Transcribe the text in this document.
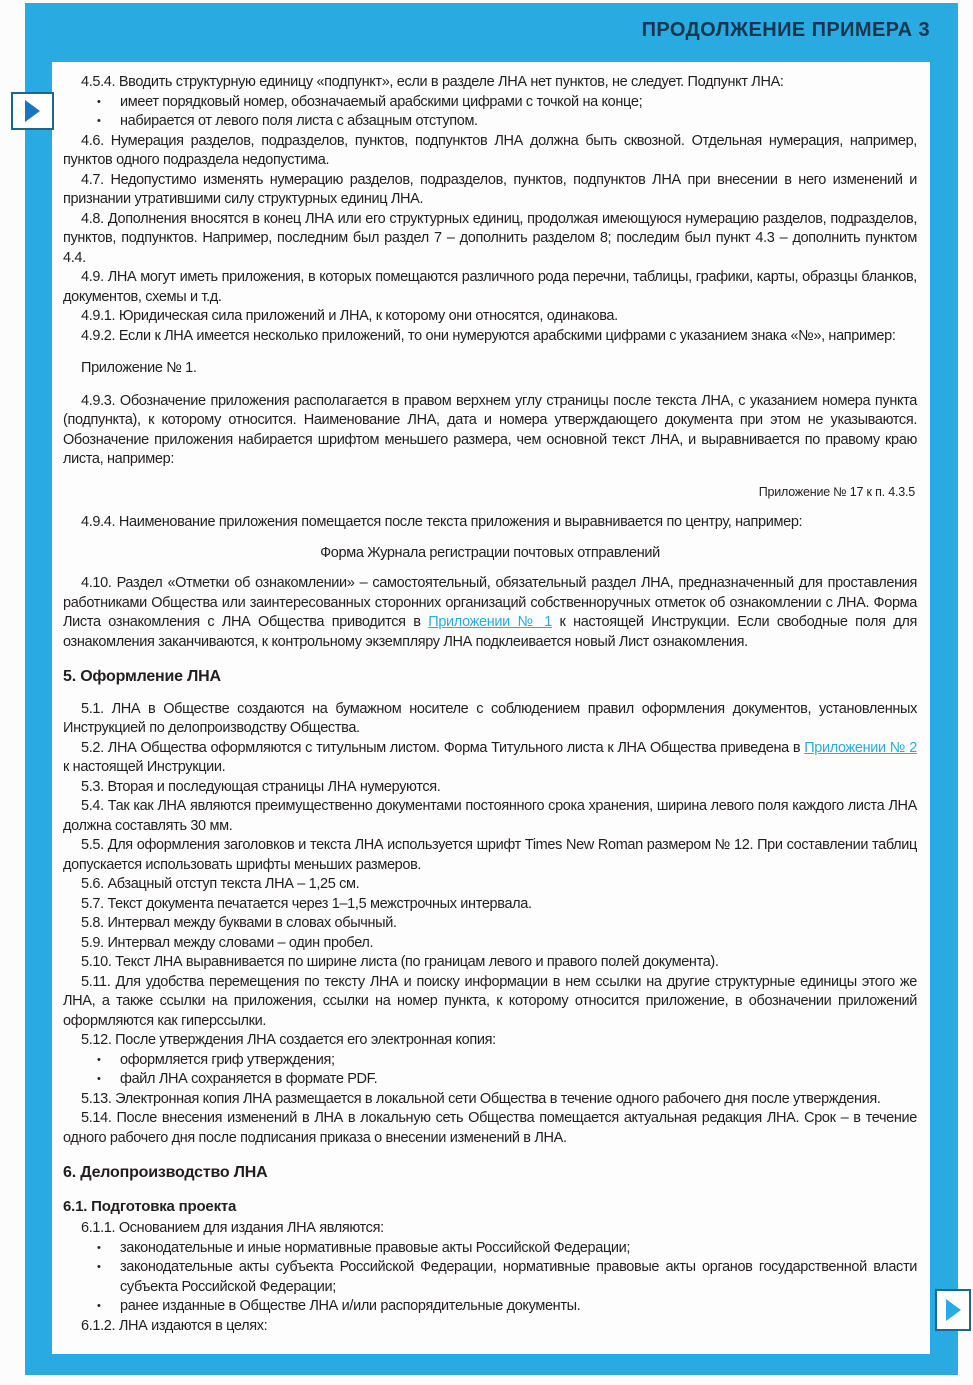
ПРОДОЛЖЕНИЕ ПРИМЕРА 3

4.5.4. Вводить структурную единицу «подпункт», если в разделе ЛНА нет пунктов, не следует. Подпункт ЛНА:

• имеет порядковый номер, обозначаемый арабскими цифрами с точкой на конце;
• набирается от левого поля листа с абзацным отступом.

4.6. Нумерация разделов, подразделов, пунктов, подпунктов ЛНА должна быть сквозной. Отдельная нумерация, например, пунктов одного подраздела недопустима.

4.7. Недопустимо изменять нумерацию разделов, подразделов, пунктов, подпунктов ЛНА при внесении в него изменений и признании утратившими силу структурных единиц ЛНА.

4.8. Дополнения вносятся в конец ЛНА или его структурных единиц, продолжая имеющуюся нумерацию разделов, подразделов, пунктов, подпунктов. Например, последним был раздел 7 – дополнить разделом 8; последим был пункт 4.3 – дополнить пунктом 4.4.

4.9. ЛНА могут иметь приложения, в которых помещаются различного рода перечни, таблицы, графики, карты, образцы бланков, документов, схемы и т.д.

4.9.1. Юридическая сила приложений и ЛНА, к которому они относятся, одинакова.

4.9.2. Если к ЛНА имеется несколько приложений, то они нумеруются арабскими цифрами с указанием знака «№», например:

Приложение № 1.

4.9.3. Обозначение приложения располагается в правом верхнем углу страницы после текста ЛНА, с указанием номера пункта (подпункта), к которому относится. Наименование ЛНА, дата и номера утверждающего документа при этом не указываются. Обозначение приложения набирается шрифтом меньшего размера, чем основной текст ЛНА, и выравнивается по правому краю листа, например:

Приложение № 17 к п. 4.3.5

4.9.4. Наименование приложения помещается после текста приложения и выравнивается по центру, например:

Форма Журнала регистрации почтовых отправлений

4.10. Раздел «Отметки об ознакомлении» – самостоятельный, обязательный раздел ЛНА, предназначенный для проставления работниками Общества или заинтересованных сторонних организаций собственноручных отметок об ознакомлении с ЛНА. Форма Листа ознакомления с ЛНА Общества приводится в Приложении № 1 к настоящей Инструкции. Если свободные поля для ознакомления заканчиваются, к контрольному экземпляру ЛНА подклеивается новый Лист ознакомления.

5. Оформление ЛНА

5.1. ЛНА в Обществе создаются на бумажном носителе с соблюдением правил оформления документов, установленных Инструкцией по делопроизводству Общества.

5.2. ЛНА Общества оформляются с титульным листом. Форма Титульного листа к ЛНА Общества приведена в Приложении № 2 к настоящей Инструкции.

5.3. Вторая и последующая страницы ЛНА нумеруются.

5.4. Так как ЛНА являются преимущественно документами постоянного срока хранения, ширина левого поля каждого листа ЛНА должна составлять 30 мм.

5.5. Для оформления заголовков и текста ЛНА используется шрифт Times New Roman размером № 12. При составлении таблиц допускается использовать шрифты меньших размеров.

5.6. Абзацный отступ текста ЛНА – 1,25 см.

5.7. Текст документа печатается через 1–1,5 межстрочных интервала.

5.8. Интервал между буквами в словах обычный.

5.9. Интервал между словами – один пробел.

5.10. Текст ЛНА выравнивается по ширине листа (по границам левого и правого полей документа).

5.11. Для удобства перемещения по тексту ЛНА и поиску информации в нем ссылки на другие структурные единицы этого же ЛНА, а также ссылки на приложения, ссылки на номер пункта, к которому относится приложение, в обозначении приложений оформляются как гиперссылки.

5.12. После утверждения ЛНА создается его электронная копия:

• оформляется гриф утверждения;
• файл ЛНА сохраняется в формате PDF.

5.13. Электронная копия ЛНА размещается в локальной сети Общества в течение одного рабочего дня после утверждения.

5.14. После внесения изменений в ЛНА в локальную сеть Общества помещается актуальная редакция ЛНА. Срок – в течение одного рабочего дня после подписания приказа о внесении изменений в ЛНА.

6. Делопроизводство ЛНА
6.1. Подготовка проекта

6.1.1. Основанием для издания ЛНА являются:

• законодательные и иные нормативные правовые акты Российской Федерации;
• законодательные акты субъекта Российской Федерации, нормативные правовые акты органов государственной власти субъекта Российской Федерации;
• ранее изданные в Обществе ЛНА и/или распорядительные документы.

6.1.2. ЛНА издаются в целях:
